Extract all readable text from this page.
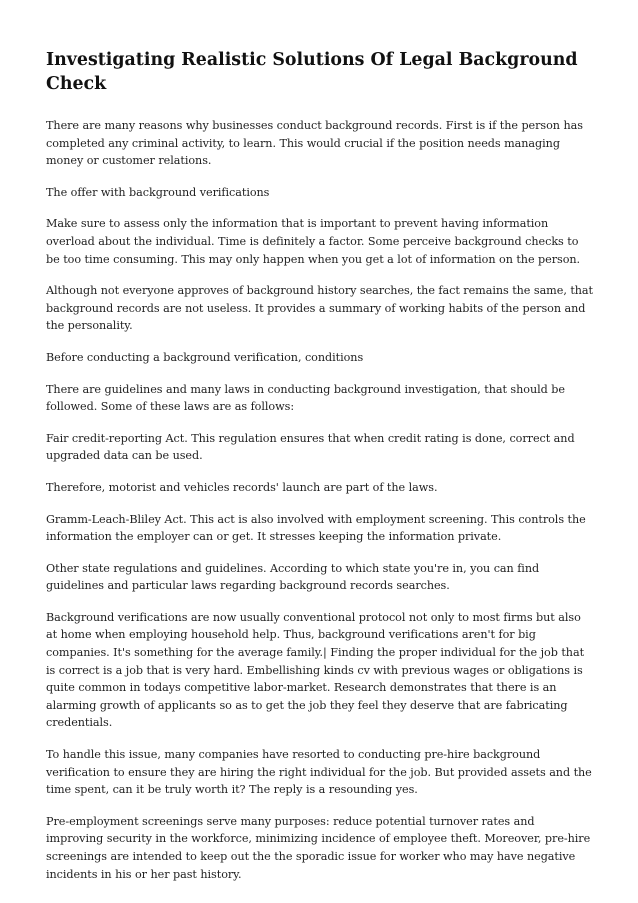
Investigating Realistic Solutions Of Legal Background Check

There are many reasons why businesses conduct background records. First is if the person has completed any criminal activity, to learn. This would crucial if the position needs managing money or customer relations.

The offer with background verifications

Make sure to assess only the information that is important to prevent having information overload about the individual. Time is definitely a factor. Some perceive background checks to be too time consuming. This may only happen when you get a lot of information on the person.

Although not everyone approves of background history searches, the fact remains the same, that background records are not useless. It provides a summary of working habits of the person and the personality.

Before conducting a background verification, conditions

There are guidelines and many laws in conducting background investigation, that should be followed. Some of these laws are as follows:

Fair credit-reporting Act. This regulation ensures that when credit rating is done, correct and upgraded data can be used.

Therefore, motorist and vehicles records' launch are part of the laws.

Gramm-Leach-Bliley Act. This act is also involved with employment screening. This controls the information the employer can or get. It stresses keeping the information private.

Other state regulations and guidelines. According to which state you're in, you can find guidelines and particular laws regarding background records searches.

Background verifications are now usually conventional protocol not only to most firms but also at home when employing household help. Thus, background verifications aren't for big companies. It's something for the average family.| Finding the proper individual for the job that is correct is a job that is very hard. Embellishing kinds cv with previous wages or obligations is quite common in todays competitive labor-market. Research demonstrates that there is an alarming growth of applicants so as to get the job they feel they deserve that are fabricating credentials.

To handle this issue, many companies have resorted to conducting pre-hire background verification to ensure they are hiring the right individual for the job. But provided assets and the time spent, can it be truly worth it? The reply is a resounding yes.

Pre-employment screenings serve many purposes: reduce potential turnover rates and improving security in the workforce, minimizing incidence of employee theft. Moreover, pre-hire screenings are intended to keep out the the sporadic issue for worker who may have negative incidents in his or her past history.
